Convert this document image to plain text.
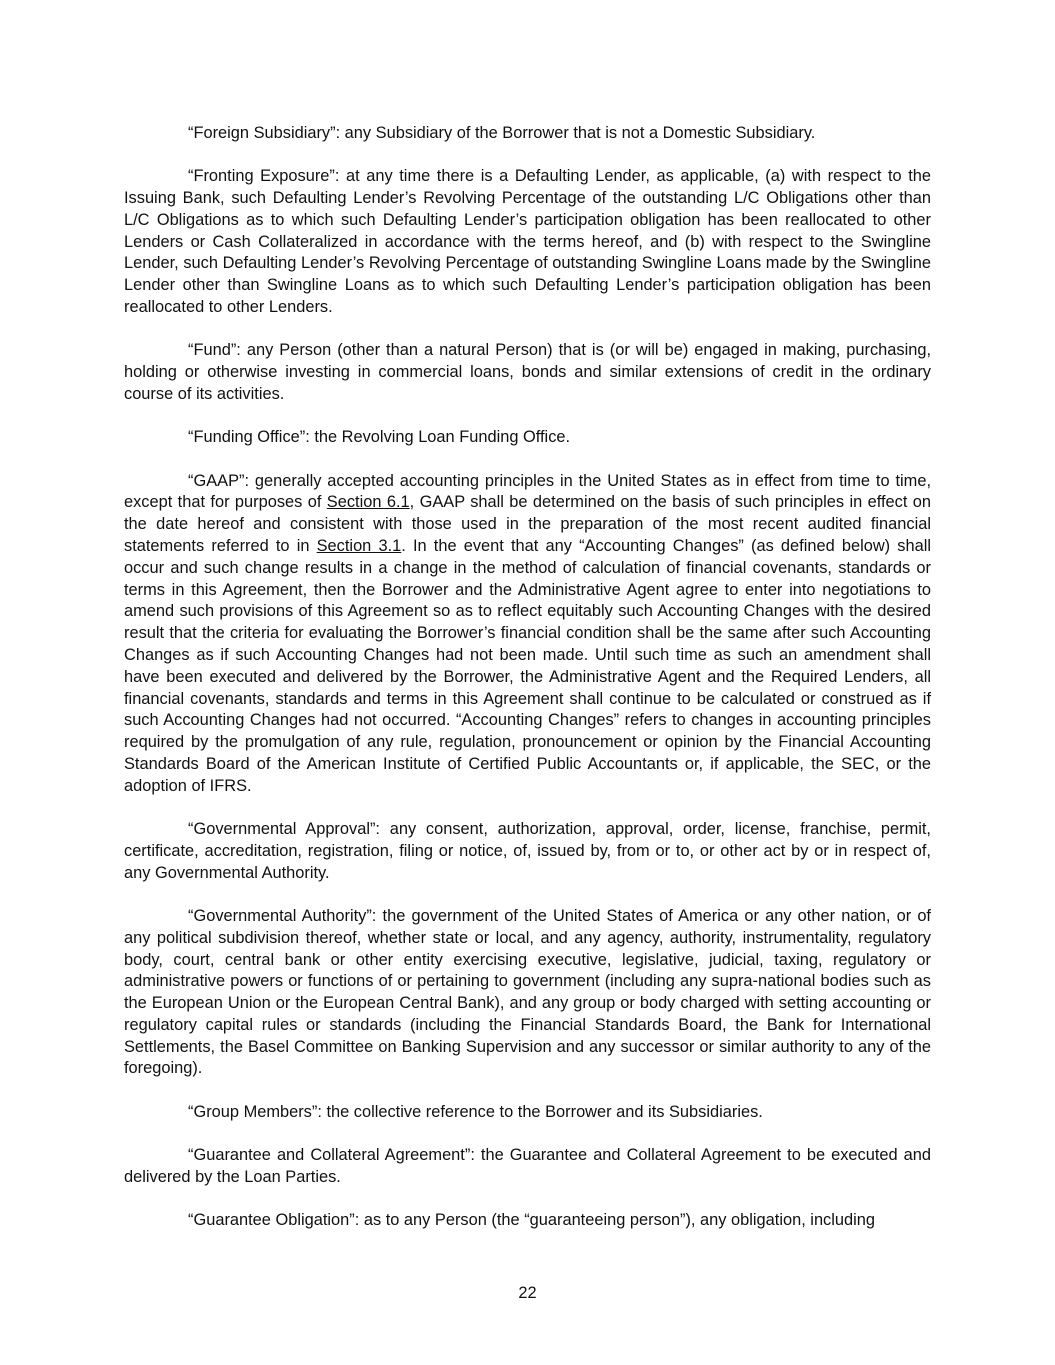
“Foreign Subsidiary”: any Subsidiary of the Borrower that is not a Domestic Subsidiary.

“Fronting Exposure”: at any time there is a Defaulting Lender, as applicable, (a) with respect to the Issuing Bank, such Defaulting Lender’s Revolving Percentage of the outstanding L/C Obligations other than L/C Obligations as to which such Defaulting Lender’s participation obligation has been reallocated to other Lenders or Cash Collateralized in accordance with the terms hereof, and (b) with respect to the Swingline Lender, such Defaulting Lender’s Revolving Percentage of outstanding Swingline Loans made by the Swingline Lender other than Swingline Loans as to which such Defaulting Lender’s participation obligation has been reallocated to other Lenders.

“Fund”: any Person (other than a natural Person) that is (or will be) engaged in making, purchasing, holding or otherwise investing in commercial loans, bonds and similar extensions of credit in the ordinary course of its activities.

“Funding Office”: the Revolving Loan Funding Office.

“GAAP”: generally accepted accounting principles in the United States as in effect from time to time, except that for purposes of Section 6.1, GAAP shall be determined on the basis of such principles in effect on the date hereof and consistent with those used in the preparation of the most recent audited financial statements referred to in Section 3.1. In the event that any “Accounting Changes” (as defined below) shall occur and such change results in a change in the method of calculation of financial covenants, standards or terms in this Agreement, then the Borrower and the Administrative Agent agree to enter into negotiations to amend such provisions of this Agreement so as to reflect equitably such Accounting Changes with the desired result that the criteria for evaluating the Borrower’s financial condition shall be the same after such Accounting Changes as if such Accounting Changes had not been made. Until such time as such an amendment shall have been executed and delivered by the Borrower, the Administrative Agent and the Required Lenders, all financial covenants, standards and terms in this Agreement shall continue to be calculated or construed as if such Accounting Changes had not occurred. “Accounting Changes” refers to changes in accounting principles required by the promulgation of any rule, regulation, pronouncement or opinion by the Financial Accounting Standards Board of the American Institute of Certified Public Accountants or, if applicable, the SEC, or the adoption of IFRS.

“Governmental Approval”: any consent, authorization, approval, order, license, franchise, permit, certificate, accreditation, registration, filing or notice, of, issued by, from or to, or other act by or in respect of, any Governmental Authority.

“Governmental Authority”: the government of the United States of America or any other nation, or of any political subdivision thereof, whether state or local, and any agency, authority, instrumentality, regulatory body, court, central bank or other entity exercising executive, legislative, judicial, taxing, regulatory or administrative powers or functions of or pertaining to government (including any supra-national bodies such as the European Union or the European Central Bank), and any group or body charged with setting accounting or regulatory capital rules or standards (including the Financial Standards Board, the Bank for International Settlements, the Basel Committee on Banking Supervision and any successor or similar authority to any of the foregoing).

“Group Members”: the collective reference to the Borrower and its Subsidiaries.

“Guarantee and Collateral Agreement”: the Guarantee and Collateral Agreement to be executed and delivered by the Loan Parties.

“Guarantee Obligation”: as to any Person (the “guaranteeing person”), any obligation, including

22
